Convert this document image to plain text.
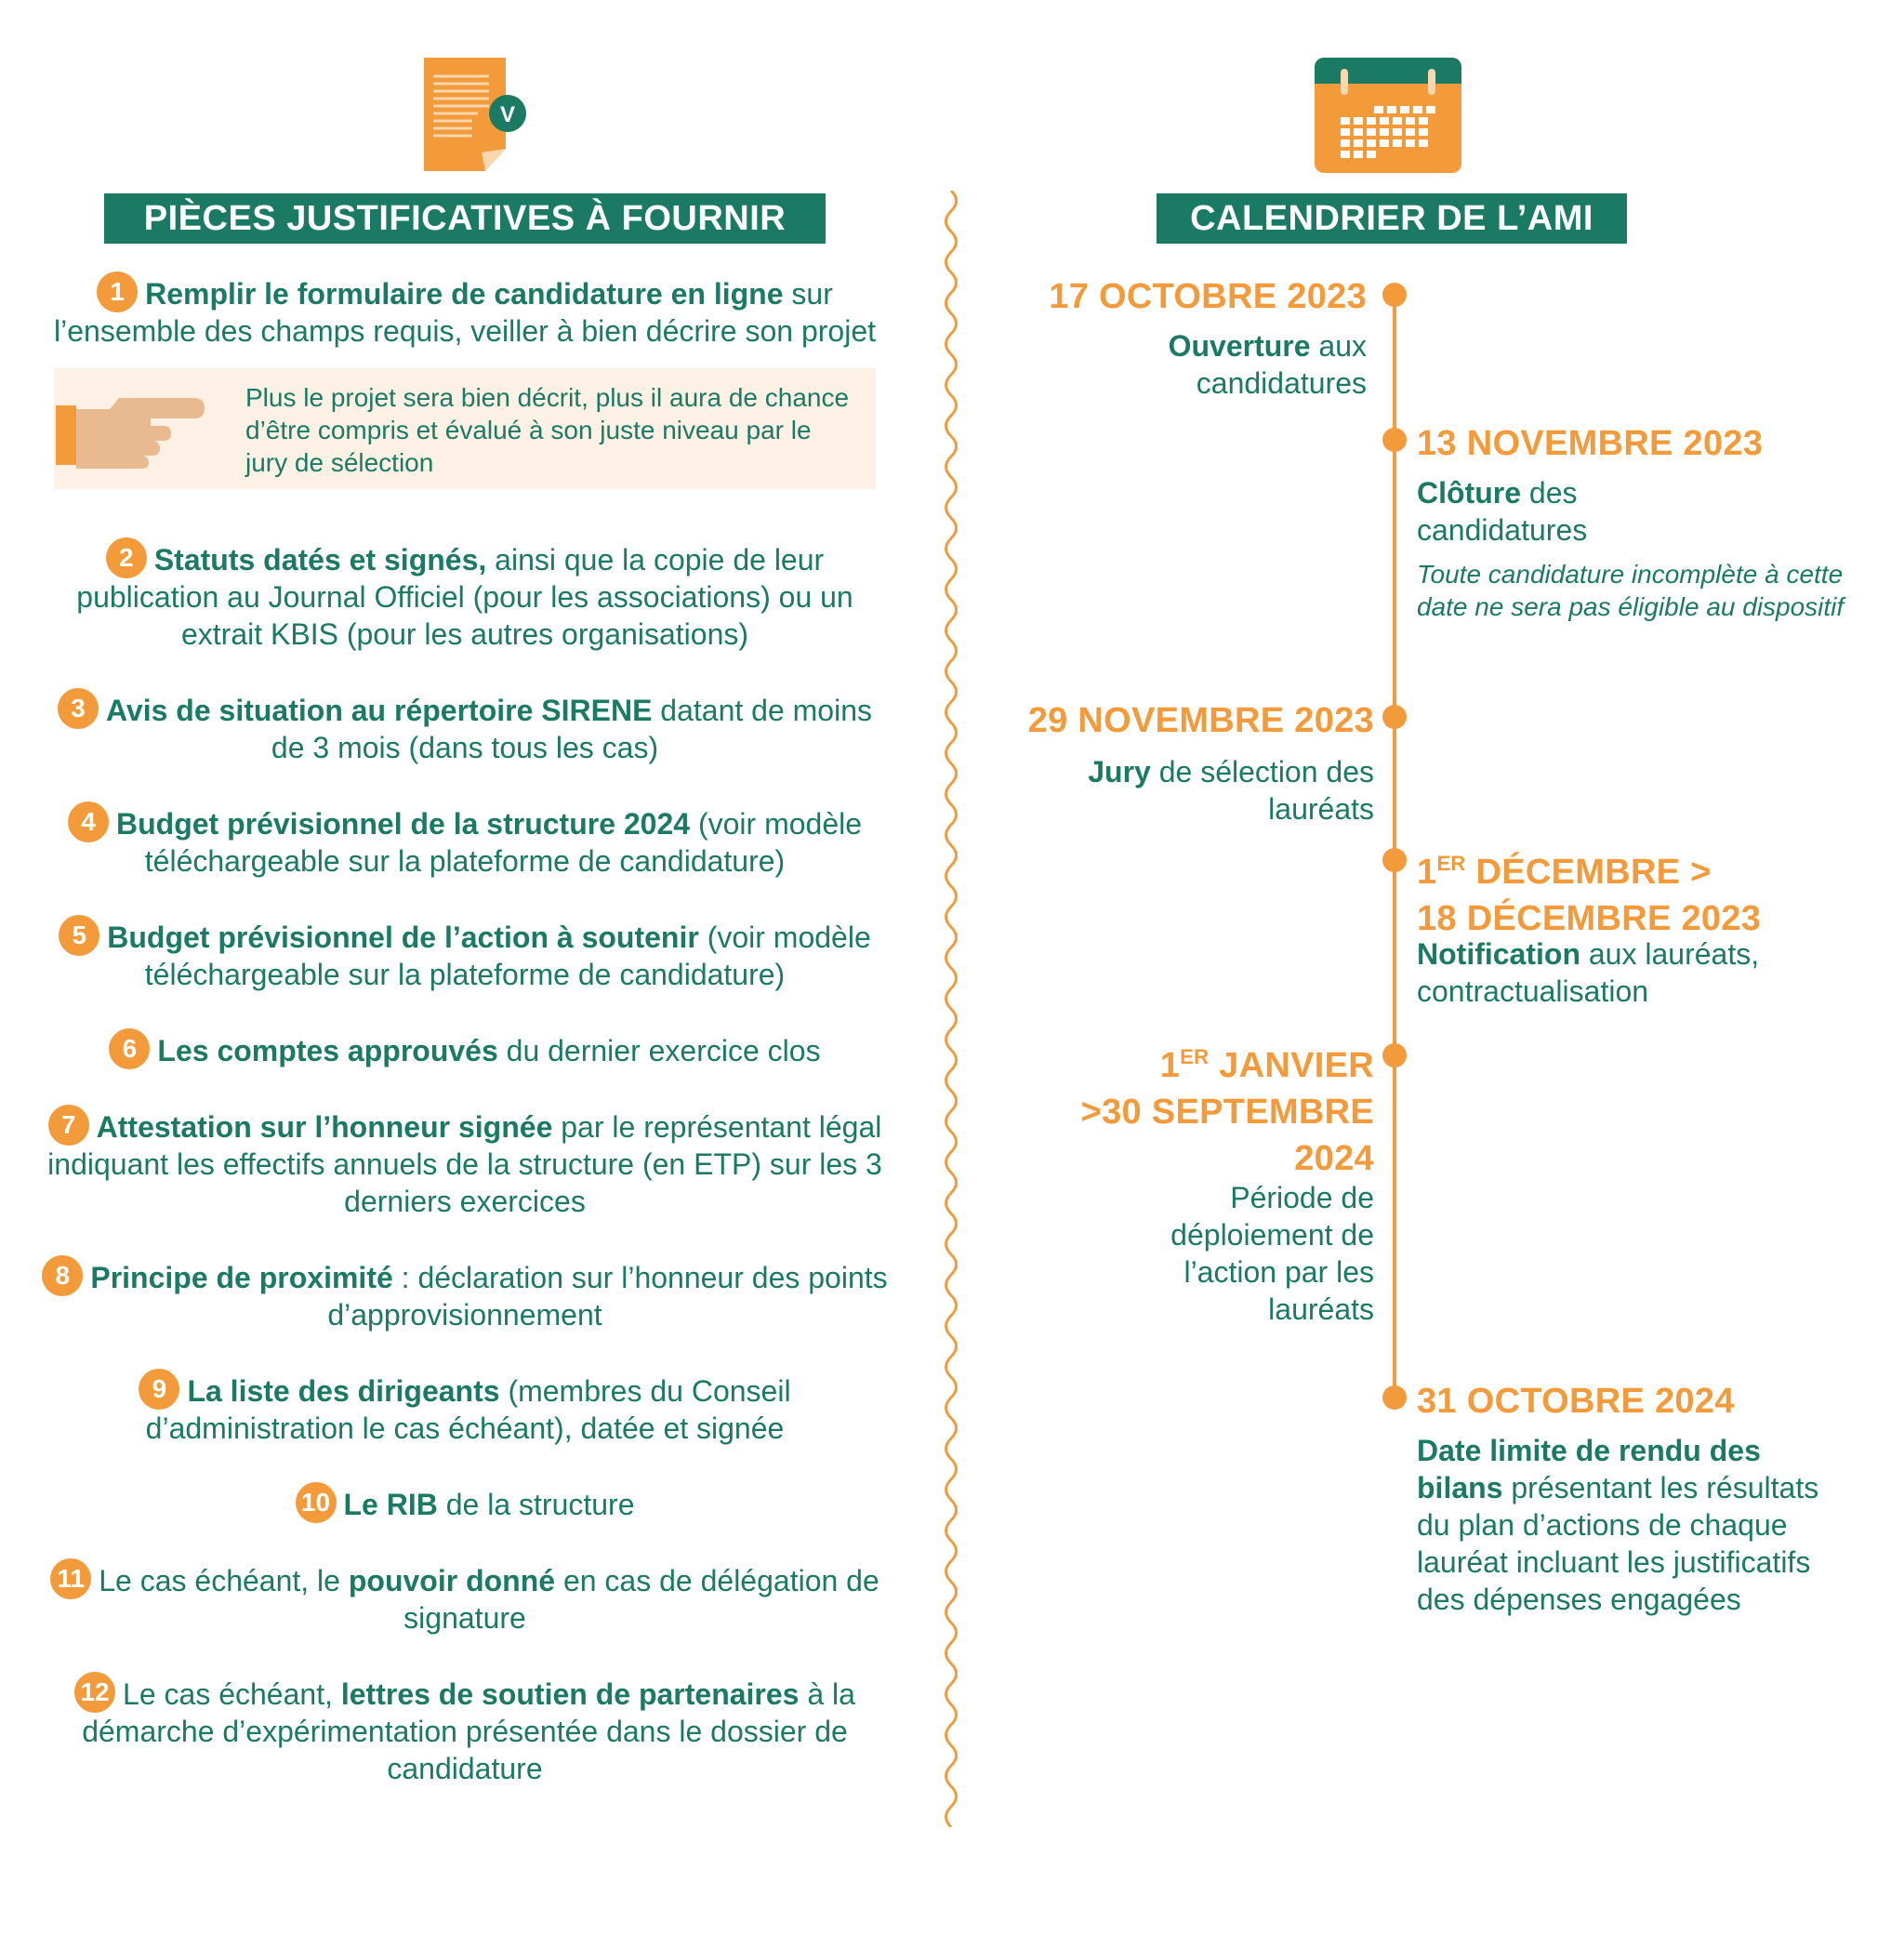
V
PIÈCES JUSTIFICATIVES À FOURNIR	CALENDRIER DE L’AMI
1 Remplir le formulaire de candidature en ligne sur l’ensemble des champs requis, veiller à bien décrire son projet
Plus le projet sera bien décrit, plus il aura de chance d’être compris et évalué à son juste niveau par le jury de sélection
2 Statuts datés et signés, ainsi que la copie de leur publication au Journal Officiel (pour les associations) ou un extrait KBIS (pour les autres organisations)
3 Avis de situation au répertoire SIRENE datant de moins de 3 mois (dans tous les cas)
4 Budget prévisionnel de la structure 2024 (voir modèle téléchargeable sur la plateforme de candidature)
5 Budget prévisionnel de l’action à soutenir (voir modèle téléchargeable sur la plateforme de candidature)
6 Les comptes approuvés du dernier exercice clos
7 Attestation sur l’honneur signée par le représentant légal indiquant les effectifs annuels de la structure (en ETP) sur les 3 derniers exercices
8 Principe de proximité : déclaration sur l’honneur des points d’approvisionnement
9 La liste des dirigeants (membres du Conseil d’administration le cas échéant), datée et signée
10 Le RIB de la structure
11 Le cas échéant, le pouvoir donné en cas de délégation de signature
12 Le cas échéant, lettres de soutien de partenaires à la démarche d’expérimentation présentée dans le dossier de candidature
17 OCTOBRE 2023
Ouverture aux candidatures
13 NOVEMBRE 2023
Clôture des candidatures
Toute candidature incomplète à cette date ne sera pas éligible au dispositif
29 NOVEMBRE 2023
Jury de sélection des lauréats
1ER DÉCEMBRE >
18 DÉCEMBRE 2023
Notification aux lauréats, contractualisation
1ER JANVIER
>30 SEPTEMBRE
2024
Période de déploiement de l’action par les lauréats
31 OCTOBRE 2024
Date limite de rendu des bilans présentant les résultats du plan d’actions de chaque lauréat incluant les justificatifs des dépenses engagées
